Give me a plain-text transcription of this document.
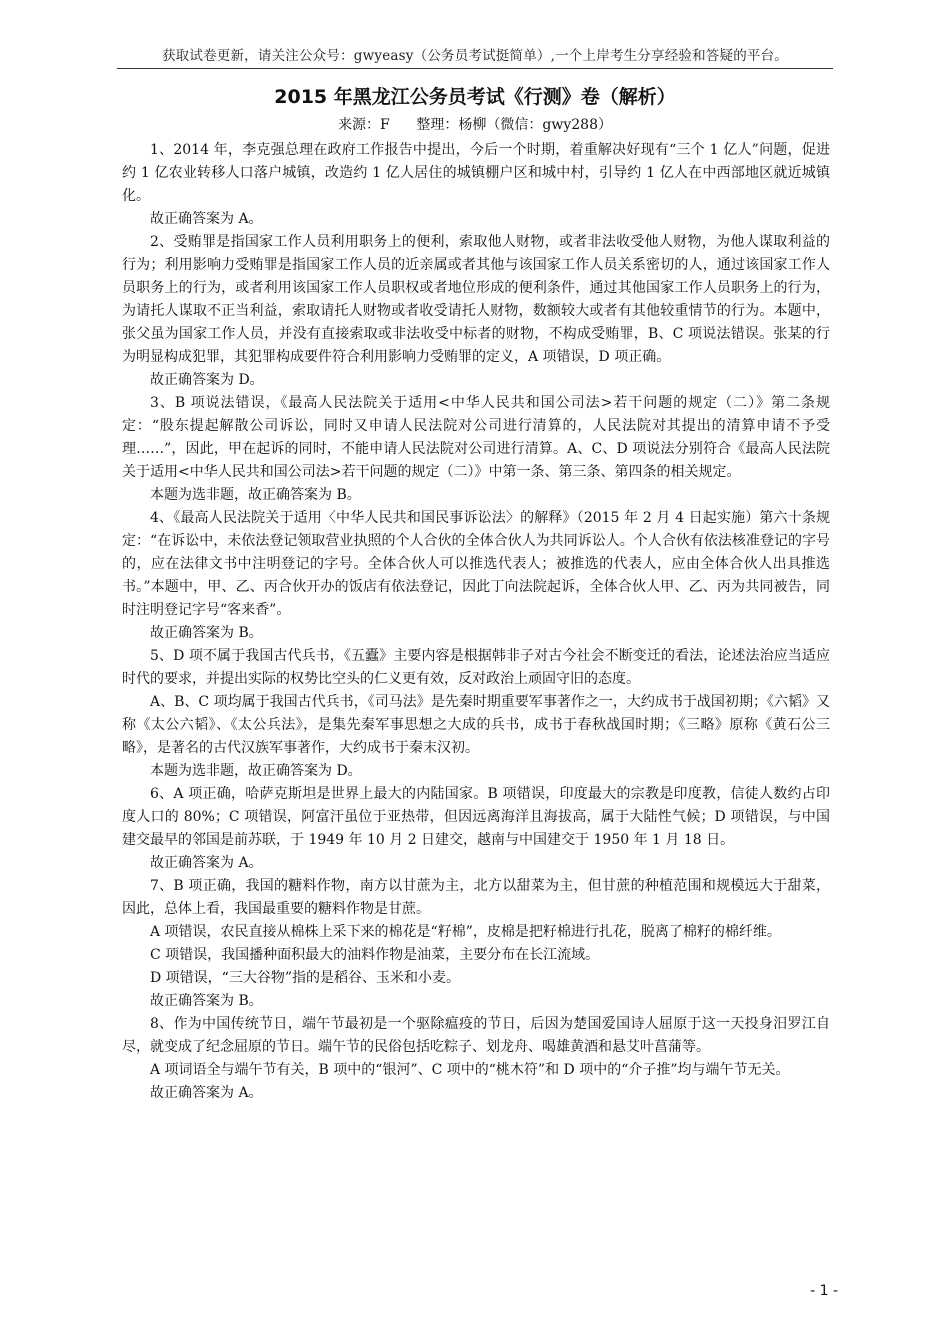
获取试卷更新，请关注公众号：gwyeasy（公务员考试挺简单）,一个上岸考生分享经验和答疑的平台。
2015 年黑龙江公务员考试《行测》卷（解析）
来源：F      整理：杨柳（微信：gwy288）

1、2014 年，李克强总理在政府工作报告中提出，今后一个时期，着重解决好现有“三个 1 亿人”问题，促进约 1 亿农业转移人口落户城镇，改造约 1 亿人居住的城镇棚户区和城中村，引导约 1 亿人在中西部地区就近城镇化。

故正确答案为 A。

2、受贿罪是指国家工作人员利用职务上的便利，索取他人财物，或者非法收受他人财物，为他人谋取利益的行为；利用影响力受贿罪是指国家工作人员的近亲属或者其他与该国家工作人员关系密切的人，通过该国家工作人员职务上的行为，或者利用该国家工作人员职权或者地位形成的便利条件，通过其他国家工作人员职务上的行为，为请托人谋取不正当利益，索取请托人财物或者收受请托人财物，数额较大或者有其他较重情节的行为。本题中，张父虽为国家工作人员，并没有直接索取或非法收受中标者的财物，不构成受贿罪，B、C 项说法错误。张某的行为明显构成犯罪，其犯罪构成要件符合利用影响力受贿罪的定义，A 项错误，D 项正确。

故正确答案为 D。

3、B 项说法错误，《最高人民法院关于适用<中华人民共和国公司法>若干问题的规定（二）》第二条规定：“股东提起解散公司诉讼，同时又申请人民法院对公司进行清算的，人民法院对其提出的清算申请不予受理……”，因此，甲在起诉的同时，不能申请人民法院对公司进行清算。A、C、D 项说法分别符合《最高人民法院关于适用<中华人民共和国公司法>若干问题的规定（二）》中第一条、第三条、第四条的相关规定。

本题为选非题，故正确答案为 B。

4、《最高人民法院关于适用〈中华人民共和国民事诉讼法〉的解释》（2015 年 2 月 4 日起实施）第六十条规定：“在诉讼中，未依法登记领取营业执照的个人合伙的全体合伙人为共同诉讼人。个人合伙有依法核准登记的字号的，应在法律文书中注明登记的字号。全体合伙人可以推选代表人；被推选的代表人，应由全体合伙人出具推选书。”本题中，甲、乙、丙合伙开办的饭店有依法登记，因此丁向法院起诉，全体合伙人甲、乙、丙为共同被告，同时注明登记字号“客来香”。

故正确答案为 B。

5、D 项不属于我国古代兵书，《五蠹》主要内容是根据韩非子对古今社会不断变迁的看法，论述法治应当适应时代的要求，并提出实际的权势比空头的仁义更有效，反对政治上顽固守旧的态度。

A、B、C 项均属于我国古代兵书，《司马法》是先秦时期重要军事著作之一，大约成书于战国初期；《六韬》又称《太公六韬》、《太公兵法》，是集先秦军事思想之大成的兵书，成书于春秋战国时期；《三略》原称《黄石公三略》，是著名的古代汉族军事著作，大约成书于秦末汉初。

本题为选非题，故正确答案为 D。

6、A 项正确，哈萨克斯坦是世界上最大的内陆国家。B 项错误，印度最大的宗教是印度教，信徒人数约占印度人口的 80%；C 项错误，阿富汗虽位于亚热带，但因远离海洋且海拔高，属于大陆性气候；D 项错误，与中国建交最早的邻国是前苏联，于 1949 年 10 月 2 日建交，越南与中国建交于 1950 年 1 月 18 日。

故正确答案为 A。

7、B 项正确，我国的糖料作物，南方以甘蔗为主，北方以甜菜为主，但甘蔗的种植范围和规模远大于甜菜，因此，总体上看，我国最重要的糖料作物是甘蔗。

A 项错误，农民直接从棉株上采下来的棉花是“籽棉”，皮棉是把籽棉进行扎花，脱离了棉籽的棉纤维。

C 项错误，我国播种面积最大的油料作物是油菜，主要分布在长江流域。

D 项错误，“三大谷物”指的是稻谷、玉米和小麦。

故正确答案为 B。

8、作为中国传统节日，端午节最初是一个驱除瘟疫的节日，后因为楚国爱国诗人屈原于这一天投身汨罗江自尽，就变成了纪念屈原的节日。端午节的民俗包括吃粽子、划龙舟、喝雄黄酒和悬艾叶菖蒲等。

A 项词语全与端午节有关，B 项中的“银河”、C 项中的“桃木符”和 D 项中的“介子推”均与端午节无关。

故正确答案为 A。

- 1 -
